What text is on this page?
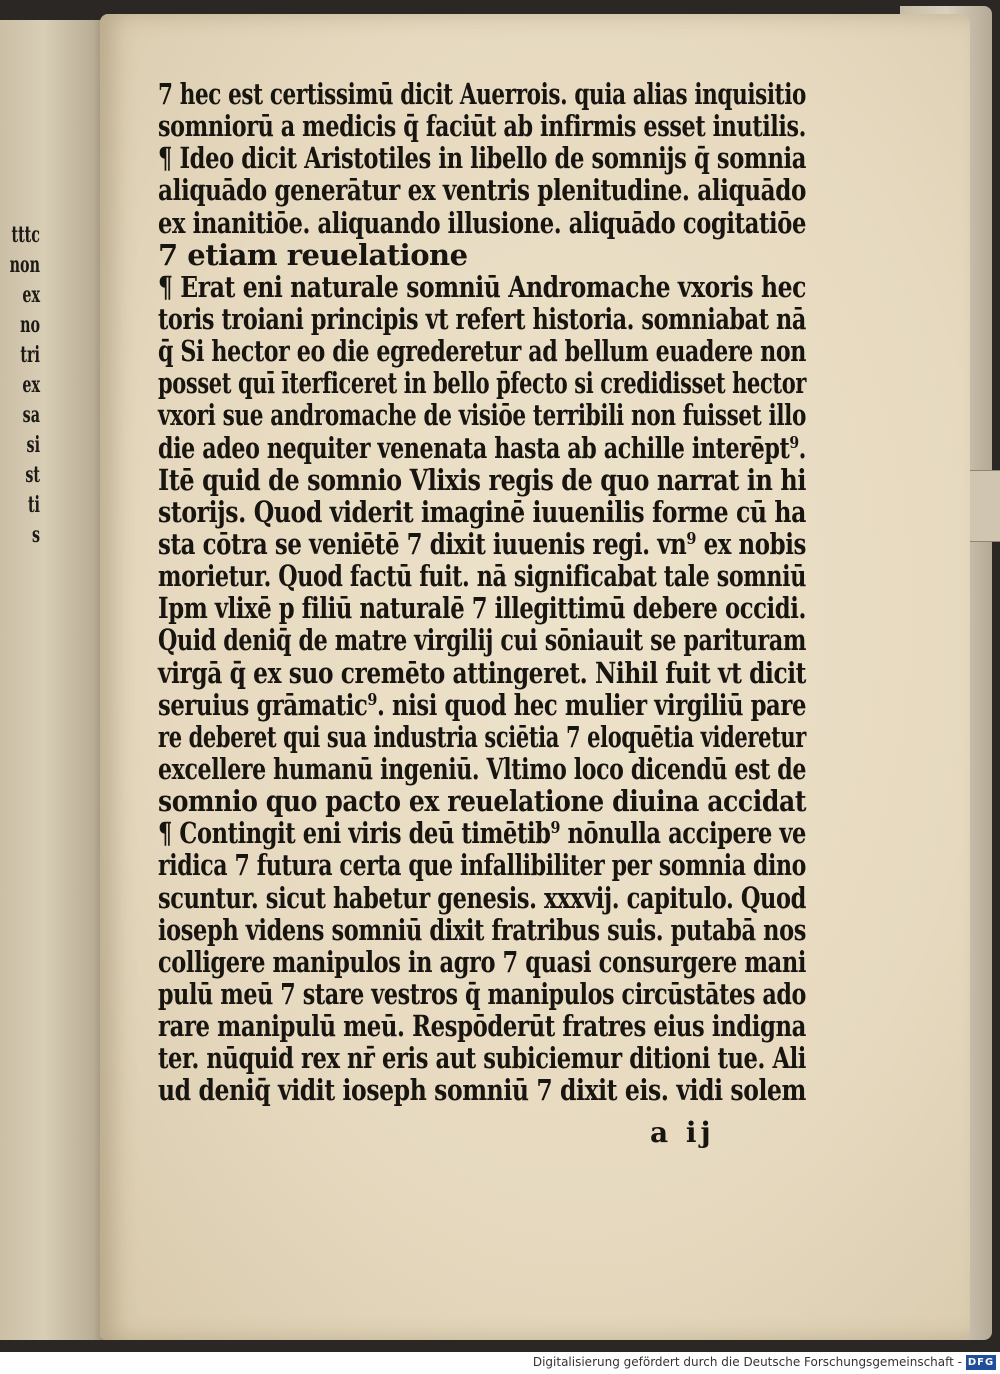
tttc
non
ex
no
tri
ex
sa
si
st
ti
s
7 hec est certissimū dicit Auerrois. quia alias inquisitio
somniorū a medicis q̄ faciūt ab infirmis esset inutilis.
¶ Ideo dicit Aristotiles in libello de somnijs q̄ somnia
aliquādo generātur ex ventris plenitudine. aliquādo
ex inanitiōe. aliquando illusione. aliquādo cogitatiōe
7 etiam reuelatione
¶ Erat eni naturale somniū Andromache vxoris hec
toris troiani principis vt refert historia. somniabat nā
q̄ Si hector eo die egrederetur ad bellum euadere non
posset quī īterficeret in bello p̄fecto si credidisset hector
vxori sue andromache de visiōe terribili non fuisset illo
die adeo nequiter venenata hasta ab achille interēpt⁹.
Itē quid de somnio Vlixis regis de quo narrat in hi
storijs. Quod viderit imaginē iuuenilis forme cū ha
sta cōtra se veniētē 7 dixit iuuenis regi. vn⁹ ex nobis
morietur. Quod factū fuit. nā significabat tale somniū
Ipm vlixē p filiū naturalē 7 illegittimū debere occidi.
Quid deniq̄ de matre virgilij cui sōniauit se parituram
virgā q̄ ex suo cremēto attingeret. Nihil fuit vt dicit
seruius grāmatic⁹. nisi quod hec mulier virgiliū pare
re deberet qui sua industria sciētia 7 eloquētia videretur
excellere humanū ingeniū. Vltimo loco dicendū est de
somnio quo pacto ex reuelatione diuina accidat
¶ Contingit eni viris deū timētib⁹ nōnulla accipere ve
ridica 7 futura certa que infallibiliter per somnia dino
scuntur. sicut habetur genesis. xxxvij. capitulo. Quod
ioseph videns somniū dixit fratribus suis. putabā nos
colligere manipulos in agro 7 quasi consurgere mani
pulū meū 7 stare vestros q̄ manipulos circūstātes ado
rare manipulū meū. Respōderūt fratres eius indigna
ter. nūquid rex nr̄ eris aut subiciemur ditioni tue. Ali
ud deniq̄ vidit ioseph somniū 7 dixit eis. vidi solem
a ij
Digitalisierung gefördert durch die Deutsche Forschungsgemeinschaft - DFG
